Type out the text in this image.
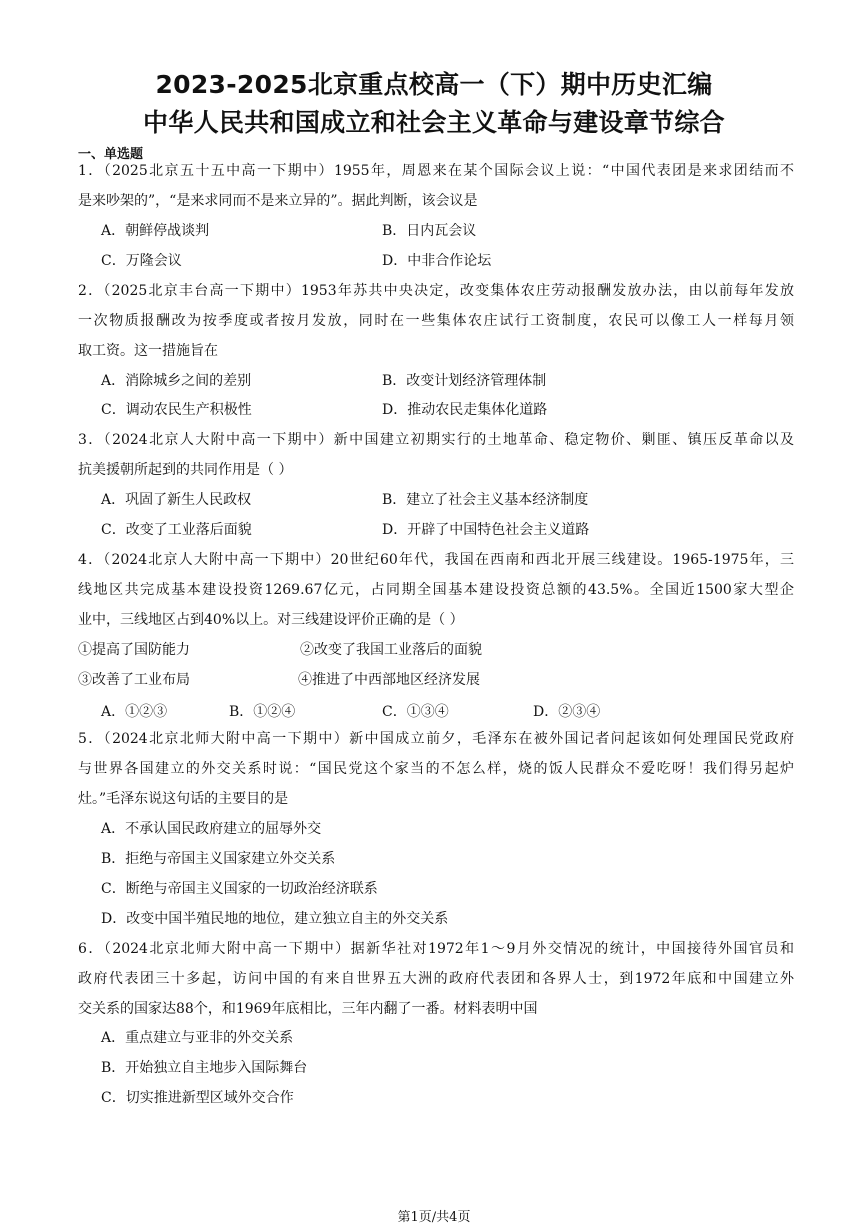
2023-2025北京重点校高一（下）期中历史汇编
中华人民共和国成立和社会主义革命与建设章节综合
一、单选题
1．（2025北京五十五中高一下期中）1955年，周恩来在某个国际会议上说：“中国代表团是来求团结而不
是来吵架的”，“是来求同而不是来立异的”。据此判断，该会议是
A．朝鲜停战谈判	B．日内瓦会议
C．万隆会议	D．中非合作论坛
2．（2025北京丰台高一下期中）1953年苏共中央决定，改变集体农庄劳动报酬发放办法，由以前每年发放
一次物质报酬改为按季度或者按月发放，同时在一些集体农庄试行工资制度，农民可以像工人一样每月领
取工资。这一措施旨在
A．消除城乡之间的差别	B．改变计划经济管理体制
C．调动农民生产积极性	D．推动农民走集体化道路
3．（2024北京人大附中高一下期中）新中国建立初期实行的土地革命、稳定物价、剿匪、镇压反革命以及
抗美援朝所起到的共同作用是（ ）
A．巩固了新生人民政权	B．建立了社会主义基本经济制度
C．改变了工业落后面貌	D．开辟了中国特色社会主义道路
4．（2024北京人大附中高一下期中）20世纪60年代，我国在西南和西北开展三线建设。1965-1975年，三
线地区共完成基本建设投资1269.67亿元，占同期全国基本建设投资总额的43.5%。全国近1500家大型企
业中，三线地区占到40%以上。对三线建设评价正确的是（ ）
①提高了国防能力	②改变了我国工业落后的面貌
③改善了工业布局	④推进了中西部地区经济发展
A．①②③	B．①②④	C．①③④	D．②③④
5．（2024北京北师大附中高一下期中）新中国成立前夕，毛泽东在被外国记者问起该如何处理国民党政府
与世界各国建立的外交关系时说：“国民党这个家当的不怎么样，烧的饭人民群众不爱吃呀！我们得另起炉
灶。”毛泽东说这句话的主要目的是
A．不承认国民政府建立的屈辱外交
B．拒绝与帝国主义国家建立外交关系
C．断绝与帝国主义国家的一切政治经济联系
D．改变中国半殖民地的地位，建立独立自主的外交关系
6．（2024北京北师大附中高一下期中）据新华社对1972年1～9月外交情况的统计，中国接待外国官员和
政府代表团三十多起，访问中国的有来自世界五大洲的政府代表团和各界人士，到1972年底和中国建立外
交关系的国家达88个，和1969年底相比，三年内翻了一番。材料表明中国
A．重点建立与亚非的外交关系
B．开始独立自主地步入国际舞台
C．切实推进新型区域外交合作
第1页/共4页
